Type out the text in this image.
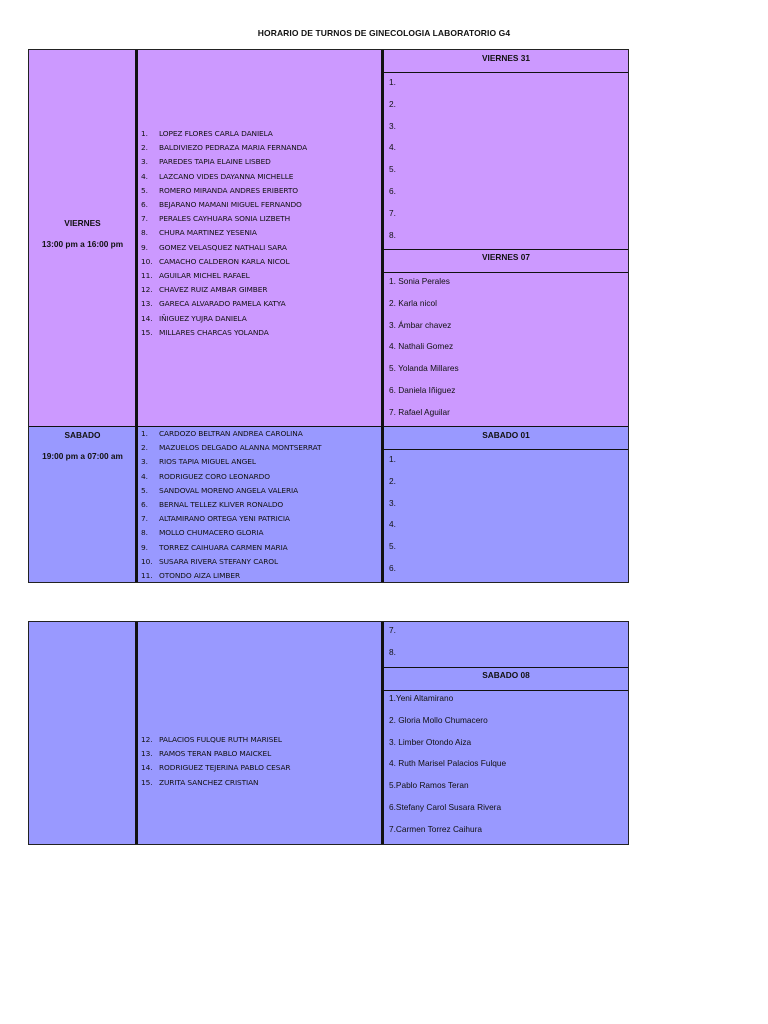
HORARIO DE TURNOS DE GINECOLOGIA LABORATORIO G4
VIERNES
13:00 pm a 16:00 pm
1. LOPEZ FLORES CARLA DANIELA
2. BALDIVIEZO PEDRAZA MARIA FERNANDA
3. PAREDES TAPIA ELAINE LISBED
4. LAZCANO VIDES DAYANNA MICHELLE
5. ROMERO MIRANDA ANDRES ERIBERTO
6. BEJARANO MAMANI MIGUEL FERNANDO
7. PERALES CAYHUARA SONIA LIZBETH
8. CHURA MARTINEZ YESENIA
9. GOMEZ VELASQUEZ NATHALI SARA
10. CAMACHO CALDERON KARLA NICOL
11. AGUILAR MICHEL RAFAEL
12. CHAVEZ RUIZ AMBAR GIMBER
13. GARECA ALVARADO PAMELA KATYA
14. IÑIGUEZ YUJRA DANIELA
15. MILLARES CHARCAS YOLANDA
VIERNES 31
1.
2.
3.
4.
5.
6.
7.
8.
VIERNES 07
1. Sonia Perales
2. Karla nicol
3. Ámbar chavez
4. Nathali Gomez
5. Yolanda Millares
6. Daniela Iñiguez
7. Rafael Aguilar
SABADO
19:00 pm a 07:00 am
1. CARDOZO BELTRAN ANDREA CAROLINA
2. MAZUELOS DELGADO ALANNA MONTSERRAT
3. RIOS TAPIA MIGUEL ANGEL
4. RODRIGUEZ CORO LEONARDO
5. SANDOVAL MORENO ANGELA VALERIA
6. BERNAL TELLEZ KLIVER RONALDO
7. ALTAMIRANO ORTEGA YENI PATRICIA
8. MOLLO CHUMACERO GLORIA
9. TORREZ CAIHUARA CARMEN MARIA
10. SUSARA RIVERA STEFANY CAROL
11. OTONDO AIZA LIMBER
SABADO 01
1.
2.
3.
4.
5.
6.
12. PALACIOS FULQUE RUTH MARISEL
13. RAMOS TERAN PABLO MAICKEL
14. RODRIGUEZ TEJERINA PABLO CESAR
15. ZURITA SANCHEZ CRISTIAN
7.
8.
SABADO 08
1.Yeni Altamirano
2. Gloria Mollo Chumacero
3. Limber Otondo Aiza
4. Ruth Marisel Palacios Fulque
5.Pablo Ramos Teran
6.Stefany Carol Susara Rivera
7.Carmen Torrez Caihura
